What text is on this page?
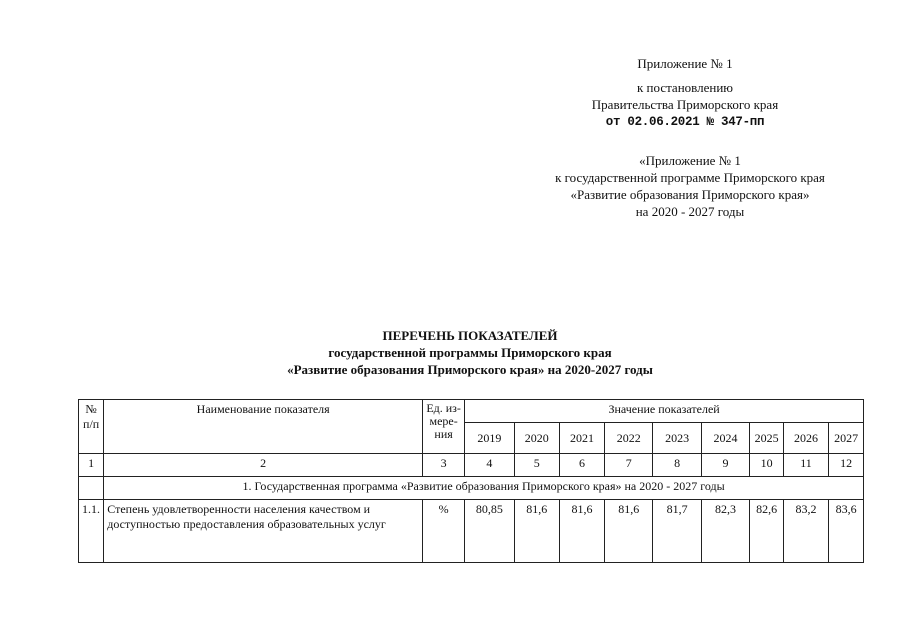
Приложение № 1
к постановлению
Правительства Приморского края
от 02.06.2021 № 347-пп
«Приложение № 1
к государственной программе Приморского края
«Развитие образования Приморского края»
на 2020 - 2027 годы
ПЕРЕЧЕНЬ ПОКАЗАТЕЛЕЙ
государственной программы Приморского края
«Развитие образования Приморского края» на 2020-2027 годы
№ п/п	Наименование показателя	Ед. из-мере-ния	Значение показателей								
			2019	2020	2021	2022	2023	2024	2025	2026	2027
1	2	3	4	5	6	7	8	9	10	11	12
	1. Государственная программа «Развитие образования Приморского края» на 2020 - 2027 годы										
1.1.	Степень удовлетворенности населения качеством и доступностью предоставления образовательных услуг	%	80,85	81,6	81,6	81,6	81,7	82,3	82,6	83,2	83,6
